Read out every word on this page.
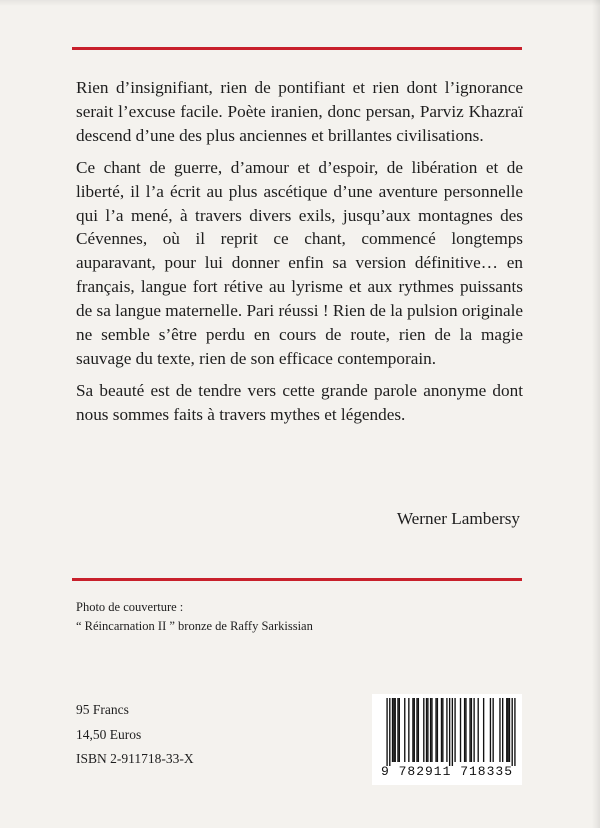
Rien d’insignifiant, rien de pontifiant et rien dont l’ignorance serait l’excuse facile. Poète iranien, donc persan, Parviz Khazraï descend d’une des plus anciennes et brillantes civilisations.

Ce chant de guerre, d’amour et d’espoir, de libération et de liberté, il l’a écrit au plus ascétique d’une aventure personnelle qui l’a mené, à travers divers exils, jusqu’aux montagnes des Cévennes, où il reprit ce chant, commencé longtemps auparavant, pour lui donner enfin sa version définitive… en français, langue fort rétive au lyrisme et aux rythmes puissants de sa langue maternelle. Pari réussi ! Rien de la pulsion originale ne semble s’être perdu en cours de route, rien de la magie sauvage du texte, rien de son efficace contemporain.

Sa beauté est de tendre vers cette grande parole anonyme dont nous sommes faits à travers mythes et légendes.

Werner Lambersy
Photo de couverture :
“ Réincarnation II ” bronze de Raffy Sarkissian
95 Francs
14,50 Euros
ISBN 2-911718-33-X
9 782911 718335
